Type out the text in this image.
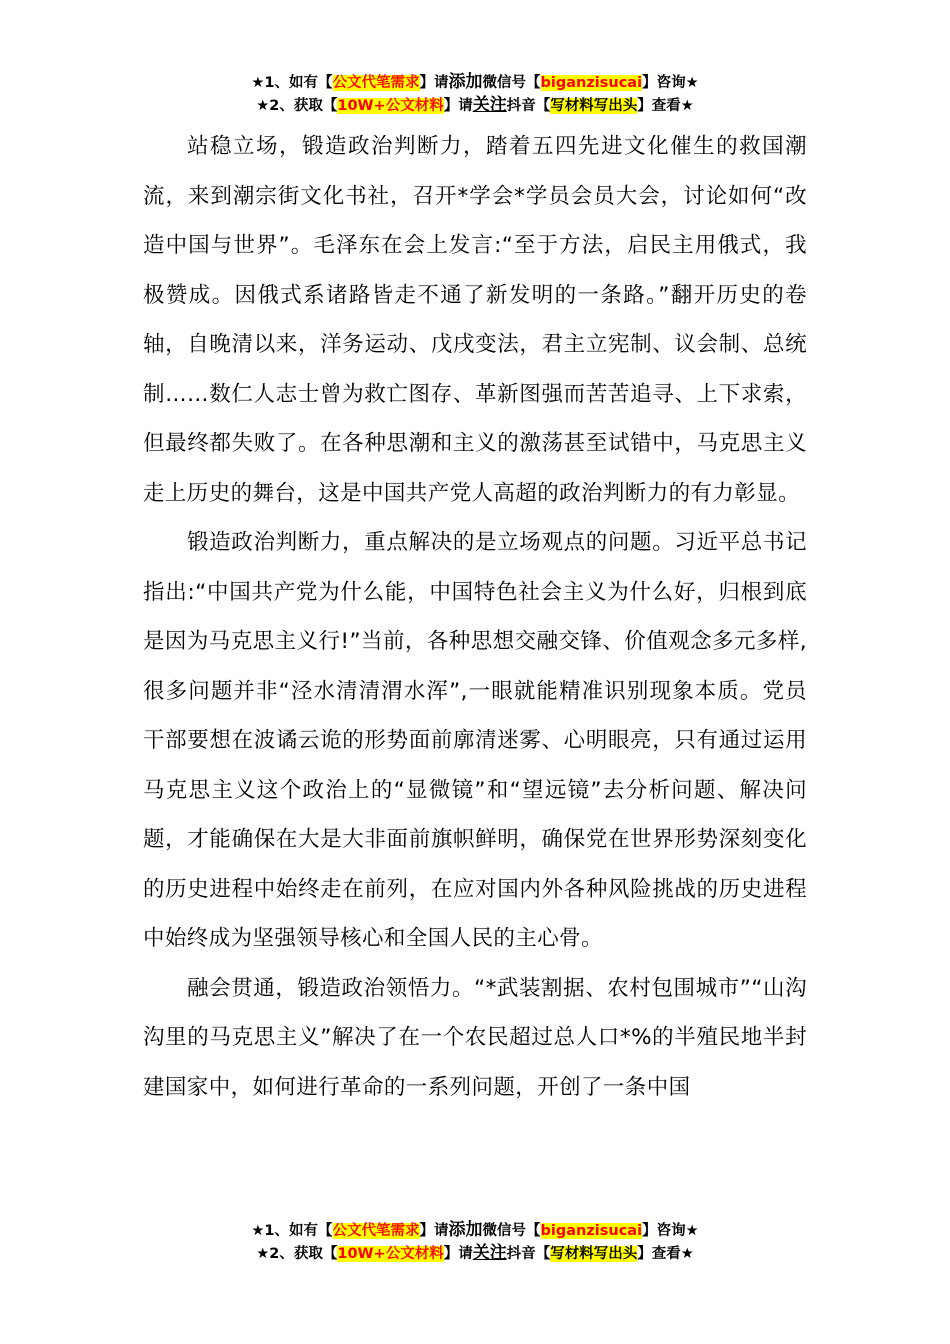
★1、如有【公文代笔需求】请添加微信号【biganzisucai】咨询★
★2、获取【10W+公文材料】请关注抖音【写材料写出头】查看★

站稳立场，锻造政治判断力，踏着五四先进文化催生的救国潮流，来到潮宗街文化书社，召开*学会*学员会员大会，讨论如何“改造中国与世界”。毛泽东在会上发言:“至于方法，启民主用俄式，我极赞成。因俄式系诸路皆走不通了新发明的一条路。”翻开历史的卷轴，自晚清以来，洋务运动、戊戌变法，君主立宪制、议会制、总统制……数仁人志士曾为救亡图存、革新图强而苦苦追寻、上下求索，但最终都失败了。在各种思潮和主义的激荡甚至试错中，马克思主义走上历史的舞台，这是中国共产党人高超的政治判断力的有力彰显。

锻造政治判断力，重点解决的是立场观点的问题。习近平总书记指出:“中国共产党为什么能，中国特色社会主义为什么好，归根到底是因为马克思主义行!”当前，各种思想交融交锋、价值观念多元多样,很多问题并非“泾水清清渭水浑”,一眼就能精准识别现象本质。党员干部要想在波谲云诡的形势面前廓清迷雾、心明眼亮，只有通过运用马克思主义这个政治上的“显微镜”和“望远镜”去分析问题、解决问题，才能确保在大是大非面前旗帜鲜明，确保党在世界形势深刻变化的历史进程中始终走在前列，在应对国内外各种风险挑战的历史进程中始终成为坚强领导核心和全国人民的主心骨。

融会贯通，锻造政治领悟力。“*武装割据、农村包围城市”“山沟沟里的马克思主义”解决了在一个农民超过总人口*%的半殖民地半封建国家中，如何进行革命的一系列问题，开创了一条中国

★1、如有【公文代笔需求】请添加微信号【biganzisucai】咨询★
★2、获取【10W+公文材料】请关注抖音【写材料写出头】查看★
